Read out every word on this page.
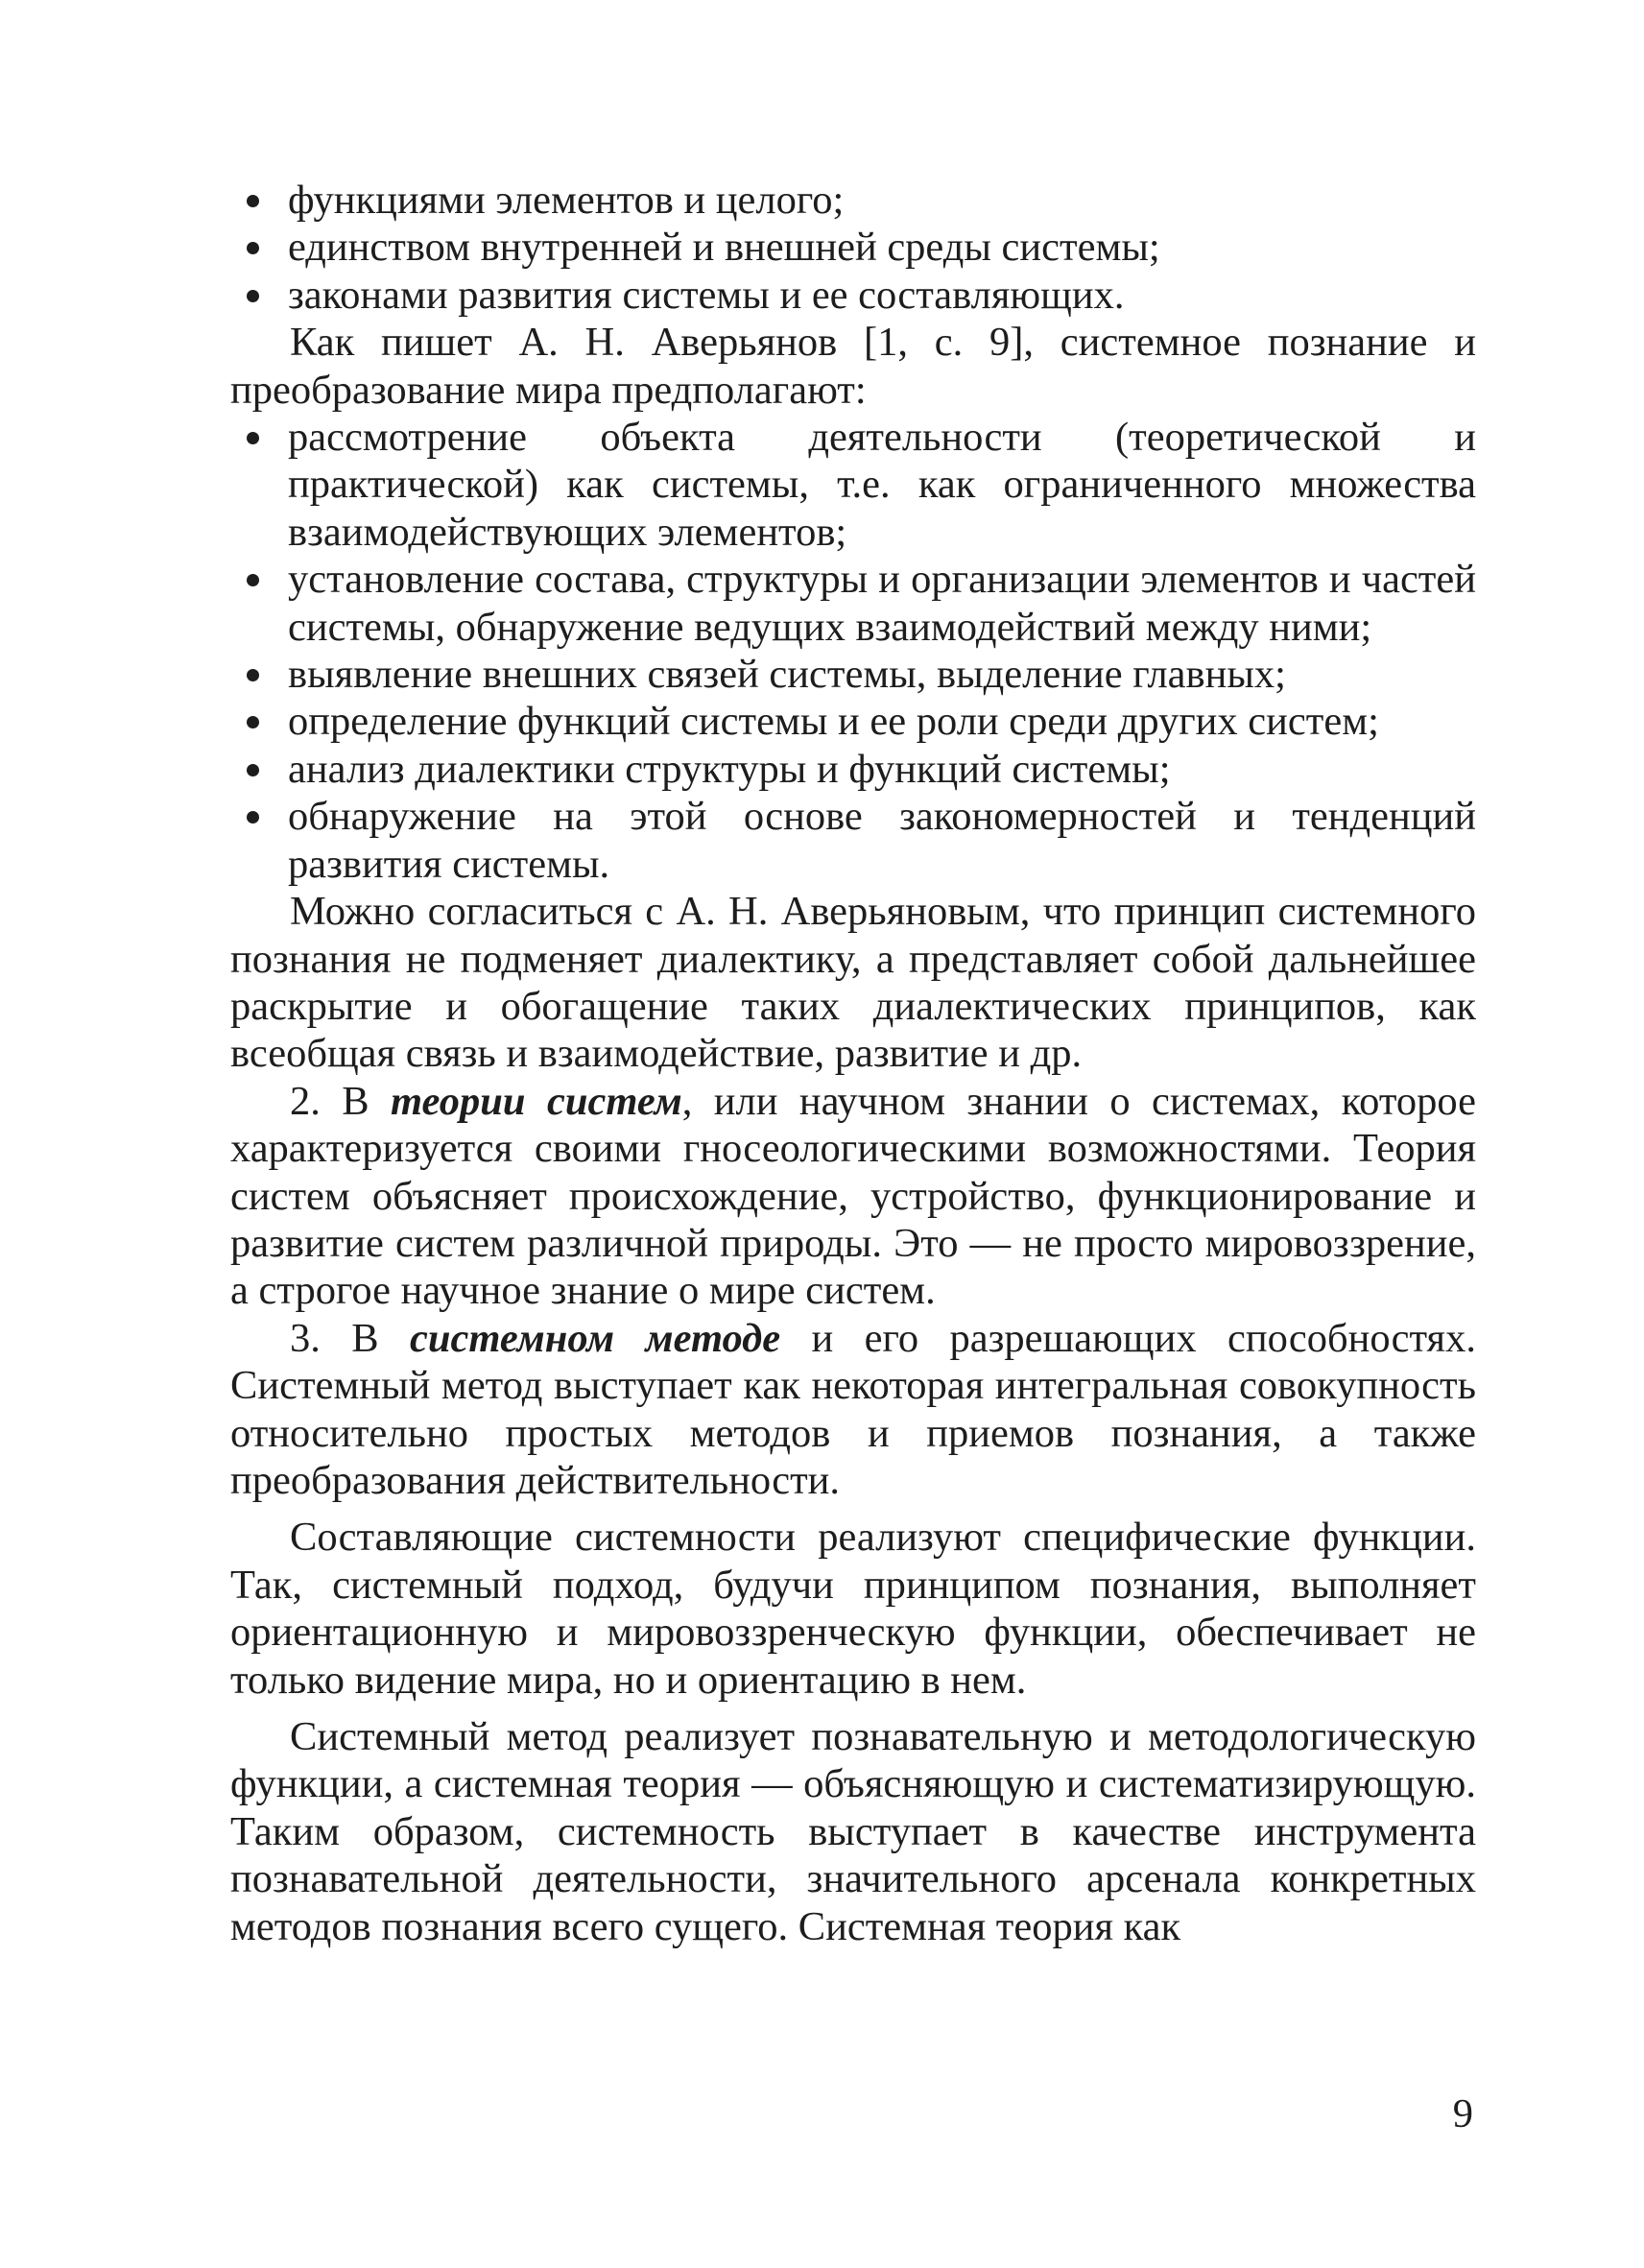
функциями элементов и целого;
единством внутренней и внешней среды системы;
законами развития системы и ее составляющих.

Как пишет А. Н. Аверьянов [1, с. 9], системное познание и преобразование мира предполагают:

рассмотрение объекта деятельности (теоретической и практической) как системы, т.е. как ограниченного множества взаимодействующих элементов;
установление состава, структуры и организации элементов и частей системы, обнаружение ведущих взаимодействий между ними;
выявление внешних связей системы, выделение главных;
определение функций системы и ее роли среди других систем;
анализ диалектики структуры и функций системы;
обнаружение на этой основе закономерностей и тенденций развития системы.

Можно согласиться с А. Н. Аверьяновым, что принцип системного познания не подменяет диалектику, а представляет собой дальнейшее раскрытие и обогащение таких диалектических принципов, как всеобщая связь и взаимодействие, развитие и др.

2. В теории систем, или научном знании о системах, которое характеризуется своими гносеологическими возможностями. Теория систем объясняет происхождение, устройство, функционирование и развитие систем различной природы. Это — не просто мировоззрение, а строгое научное знание о мире систем.

3. В системном методе и его разрешающих способностях. Системный метод выступает как некоторая интегральная совокупность относительно простых методов и приемов познания, а также преобразования действительности.

Составляющие системности реализуют специфические функции. Так, системный подход, будучи принципом познания, выполняет ориентационную и мировоззренческую функции, обеспечивает не только видение мира, но и ориентацию в нем.

Системный метод реализует познавательную и методологическую функции, а системная теория — объясняющую и систематизирующую. Таким образом, системность выступает в качестве инструмента познавательной деятельности, значительного арсенала конкретных методов познания всего сущего. Системная теория как

9
